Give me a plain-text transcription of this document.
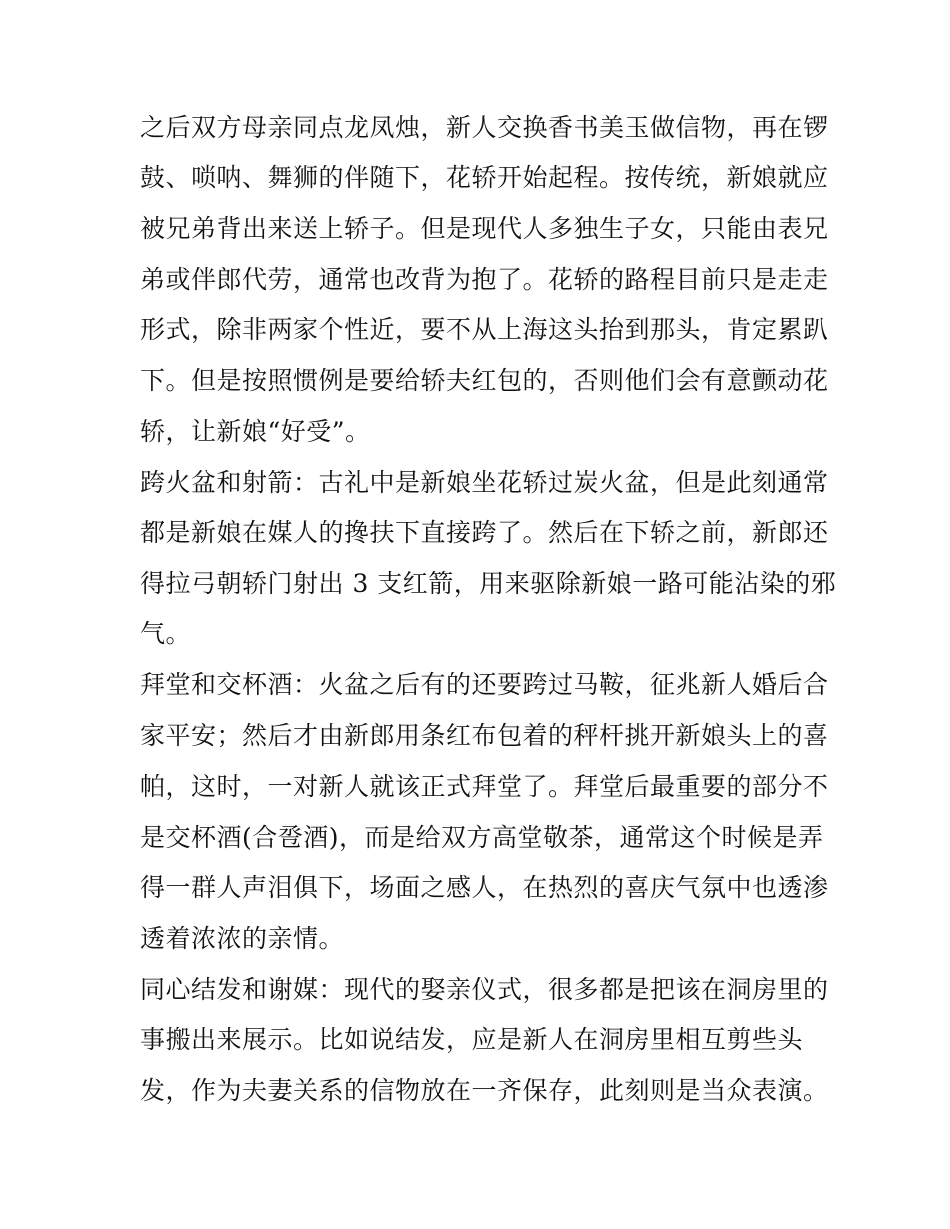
之后双方母亲同点龙凤烛，新人交换香书美玉做信物，再在锣
鼓、唢呐、舞狮的伴随下，花轿开始起程。按传统，新娘就应
被兄弟背出来送上轿子。但是现代人多独生子女，只能由表兄
弟或伴郎代劳，通常也改背为抱了。花轿的路程目前只是走走
形式，除非两家个性近，要不从上海这头抬到那头，肯定累趴
下。但是按照惯例是要给轿夫红包的，否则他们会有意颤动花
轿，让新娘“好受”。
跨火盆和射箭：古礼中是新娘坐花轿过炭火盆，但是此刻通常
都是新娘在媒人的搀扶下直接跨了。然后在下轿之前，新郎还
得拉弓朝轿门射出 3 支红箭，用来驱除新娘一路可能沾染的邪
气。
拜堂和交杯酒：火盆之后有的还要跨过马鞍，征兆新人婚后合
家平安；然后才由新郎用条红布包着的秤杆挑开新娘头上的喜
帕，这时，一对新人就该正式拜堂了。拜堂后最重要的部分不
是交杯酒(合卺酒)，而是给双方高堂敬茶，通常这个时候是弄
得一群人声泪俱下，场面之感人，在热烈的喜庆气氛中也透渗
透着浓浓的亲情。
同心结发和谢媒：现代的娶亲仪式，很多都是把该在洞房里的
事搬出来展示。比如说结发，应是新人在洞房里相互剪些头
发，作为夫妻关系的信物放在一齐保存，此刻则是当众表演。
